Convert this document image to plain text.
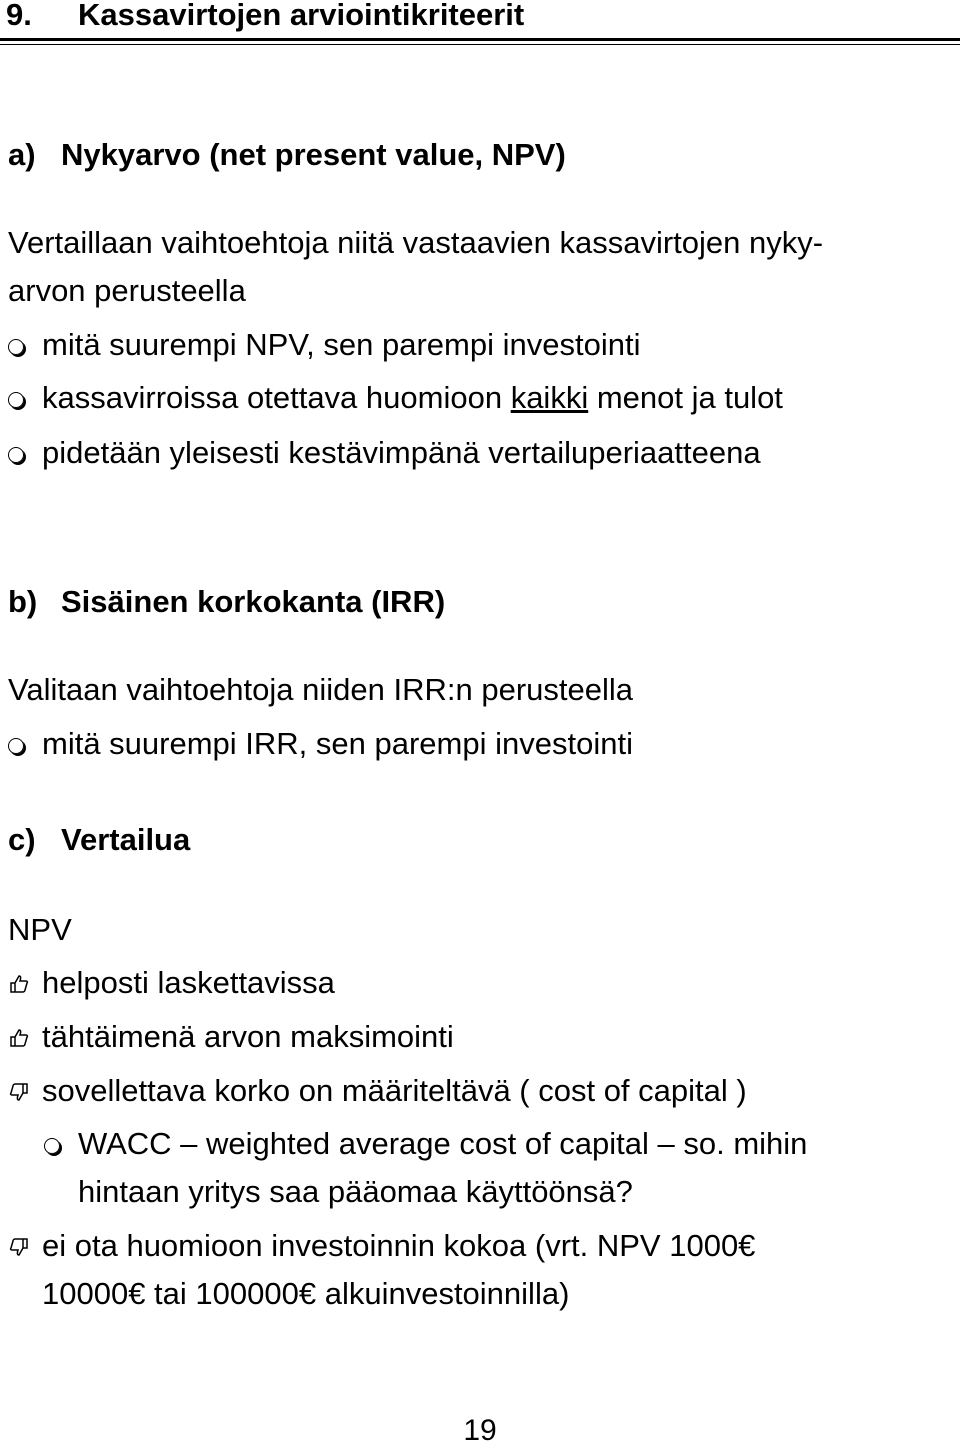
9. Kassavirtojen arviointikriteerit
a) Nykyarvo (net present value, NPV)
Vertaillaan vaihtoehtoja niitä vastaavien kassavirtojen nyky-
arvon perusteella
mitä suurempi NPV, sen parempi investointi
kassavirroissa otettava huomioon kaikki menot ja tulot
pidetään yleisesti kestävimpänä vertailuperiaatteena
b) Sisäinen korkokanta (IRR)
Valitaan vaihtoehtoja niiden IRR:n perusteella
mitä suurempi IRR, sen parempi investointi
c) Vertailua
NPV
helposti laskettavissa
tähtäimenä arvon maksimointi
sovellettava korko on määriteltävä ( cost of capital )
WACC – weighted average cost of capital – so. mihin
hintaan yritys saa pääomaa käyttöönsä?
ei ota huomioon investoinnin kokoa (vrt. NPV 1000€
10000€ tai 100000€ alkuinvestoinnilla)
19
